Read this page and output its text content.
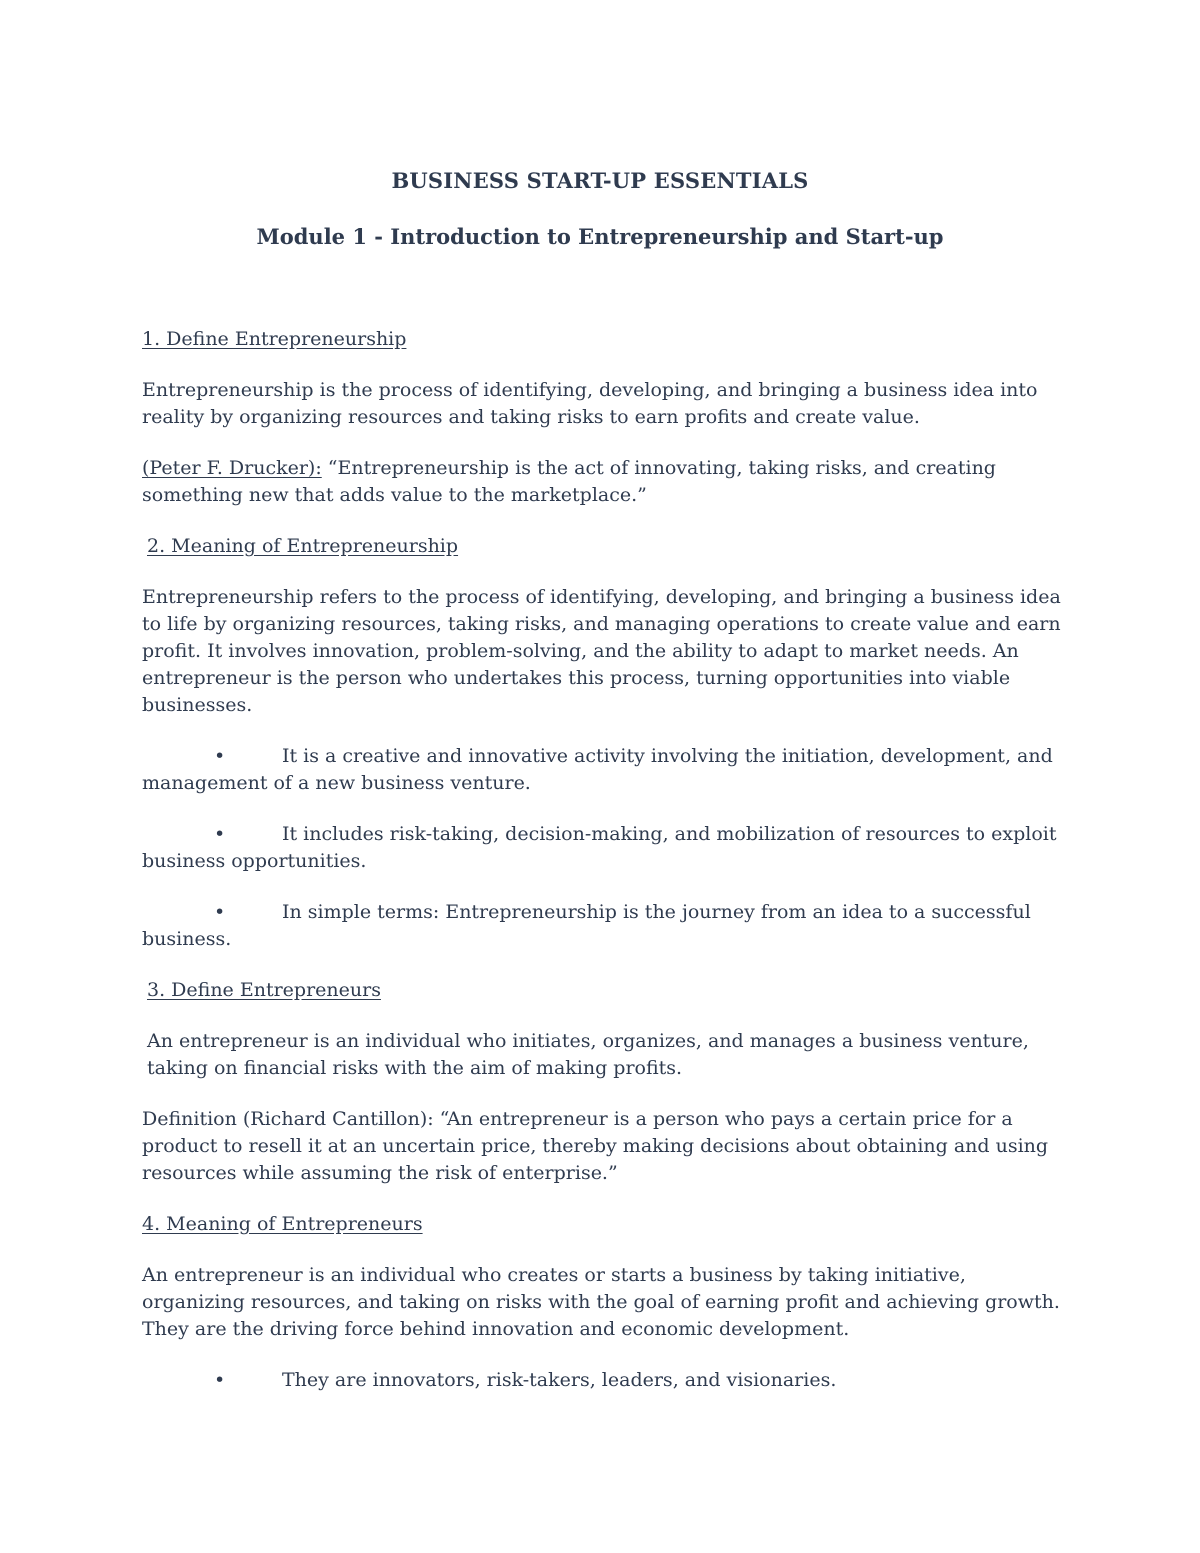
BUSINESS START-UP ESSENTIALS
Module 1 - Introduction to Entrepreneurship and Start-up

1. Define Entrepreneurship

Entrepreneurship is the process of identifying, developing, and bringing a business idea into reality by organizing resources and taking risks to earn profits and create value.

(Peter F. Drucker): “Entrepreneurship is the act of innovating, taking risks, and creating something new that adds value to the marketplace.”

2. Meaning of Entrepreneurship

Entrepreneurship refers to the process of identifying, developing, and bringing a business idea to life by organizing resources, taking risks, and managing operations to create value and earn profit. It involves innovation, problem-solving, and the ability to adapt to market needs. An entrepreneur is the person who undertakes this process, turning opportunities into viable businesses.

•	It is a creative and innovative activity involving the initiation, development, and management of a new business venture.

•	It includes risk-taking, decision-making, and mobilization of resources to exploit business opportunities.

•	In simple terms: Entrepreneurship is the journey from an idea to a successful business.

3. Define Entrepreneurs

An entrepreneur is an individual who initiates, organizes, and manages a business venture, taking on financial risks with the aim of making profits.

Definition (Richard Cantillon): “An entrepreneur is a person who pays a certain price for a product to resell it at an uncertain price, thereby making decisions about obtaining and using resources while assuming the risk of enterprise.”

4. Meaning of Entrepreneurs

An entrepreneur is an individual who creates or starts a business by taking initiative, organizing resources, and taking on risks with the goal of earning profit and achieving growth. They are the driving force behind innovation and economic development.

•	They are innovators, risk-takers, leaders, and visionaries.
